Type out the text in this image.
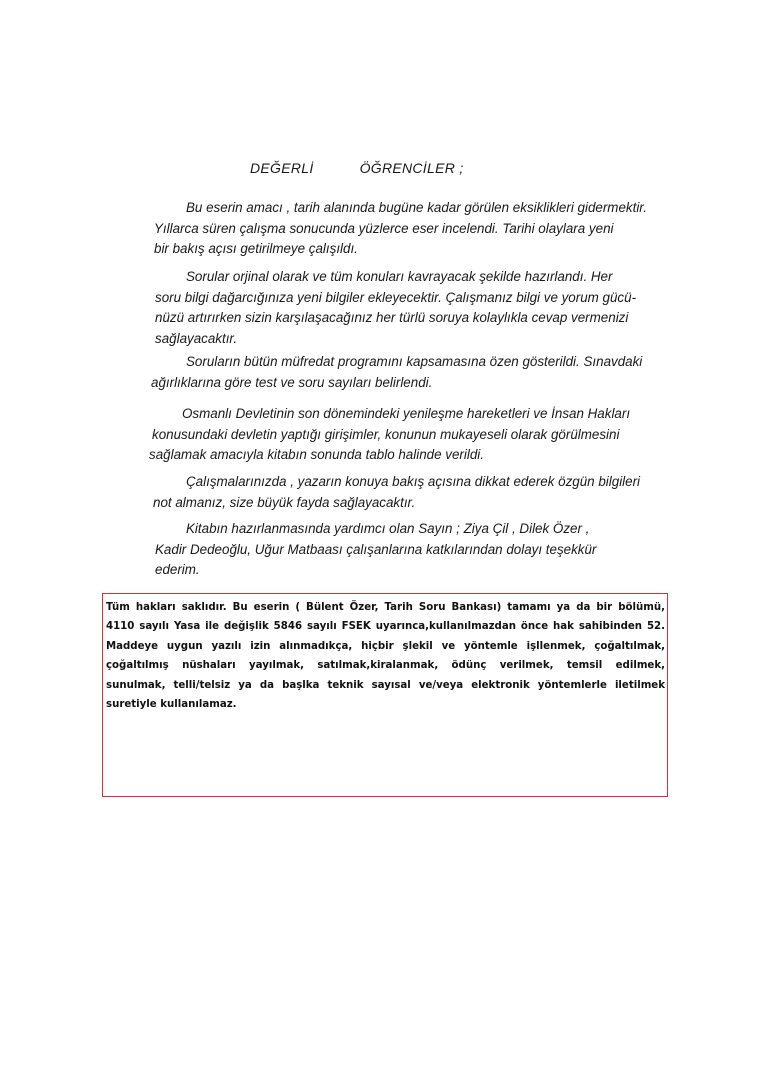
DEĞERLİ	ÖĞRENCİLER ;
Bu eserin amacı , tarih alanında bugüne kadar görülen eksiklikleri gidermektir.
Yıllarca süren çalışma sonucunda yüzlerce eser incelendi. Tarihi olaylara yeni
bir bakış açısı getirilmeye çalışıldı.
Sorular orjinal olarak ve tüm konuları kavrayacak şekilde hazırlandı. Her
soru bilgi dağarcığınıza yeni bilgiler ekleyecektir. Çalışmanız bilgi ve yorum gücü-
nüzü artırırken sizin karşılaşacağınız her türlü soruya kolaylıkla cevap vermenizi
sağlayacaktır.
Soruların bütün müfredat programını kapsamasına özen gösterildi. Sınavdaki
ağırlıklarına göre test ve soru sayıları belirlendi.
Osmanlı Devletinin son dönemindeki yenileşme hareketleri ve İnsan Hakları
konusundaki devletin yaptığı girişimler, konunun mukayeseli olarak görülmesini
sağlamak amacıyla kitabın sonunda tablo halinde verildi.
Çalışmalarınızda , yazarın konuya bakış açısına dikkat ederek özgün bilgileri
not almanız, size büyük fayda sağlayacaktır.
Kitabın hazırlanmasında yardımcı olan Sayın ; Ziya Çil , Dilek Özer ,
Kadir Dedeoğlu, Uğur Matbaası çalışanlarına katkılarından dolayı teşekkür
ederim.
Tüm hakları saklıdır. Bu eserin ( Bülent Özer, Tarih Soru Bankası) tamamı ya da bir bölümü,
4110 sayılı Yasa ile değişlik 5846 sayılı FSEK uyarınca,kullanılmazdan önce hak sahibinden 52.
Maddeye uygun yazılı izin alınmadıkça, hiçbir şlekil ve yöntemle işllenmek, çoğaltılmak,
çoğaltılmış nüshaları yayılmak, satılmak,kiralanmak, ödünç verilmek, temsil edilmek,
sunulmak, telli/telsiz ya da başlka teknik sayısal ve/veya elektronik yöntemlerle iletilmek
suretiyle kullanılamaz.
